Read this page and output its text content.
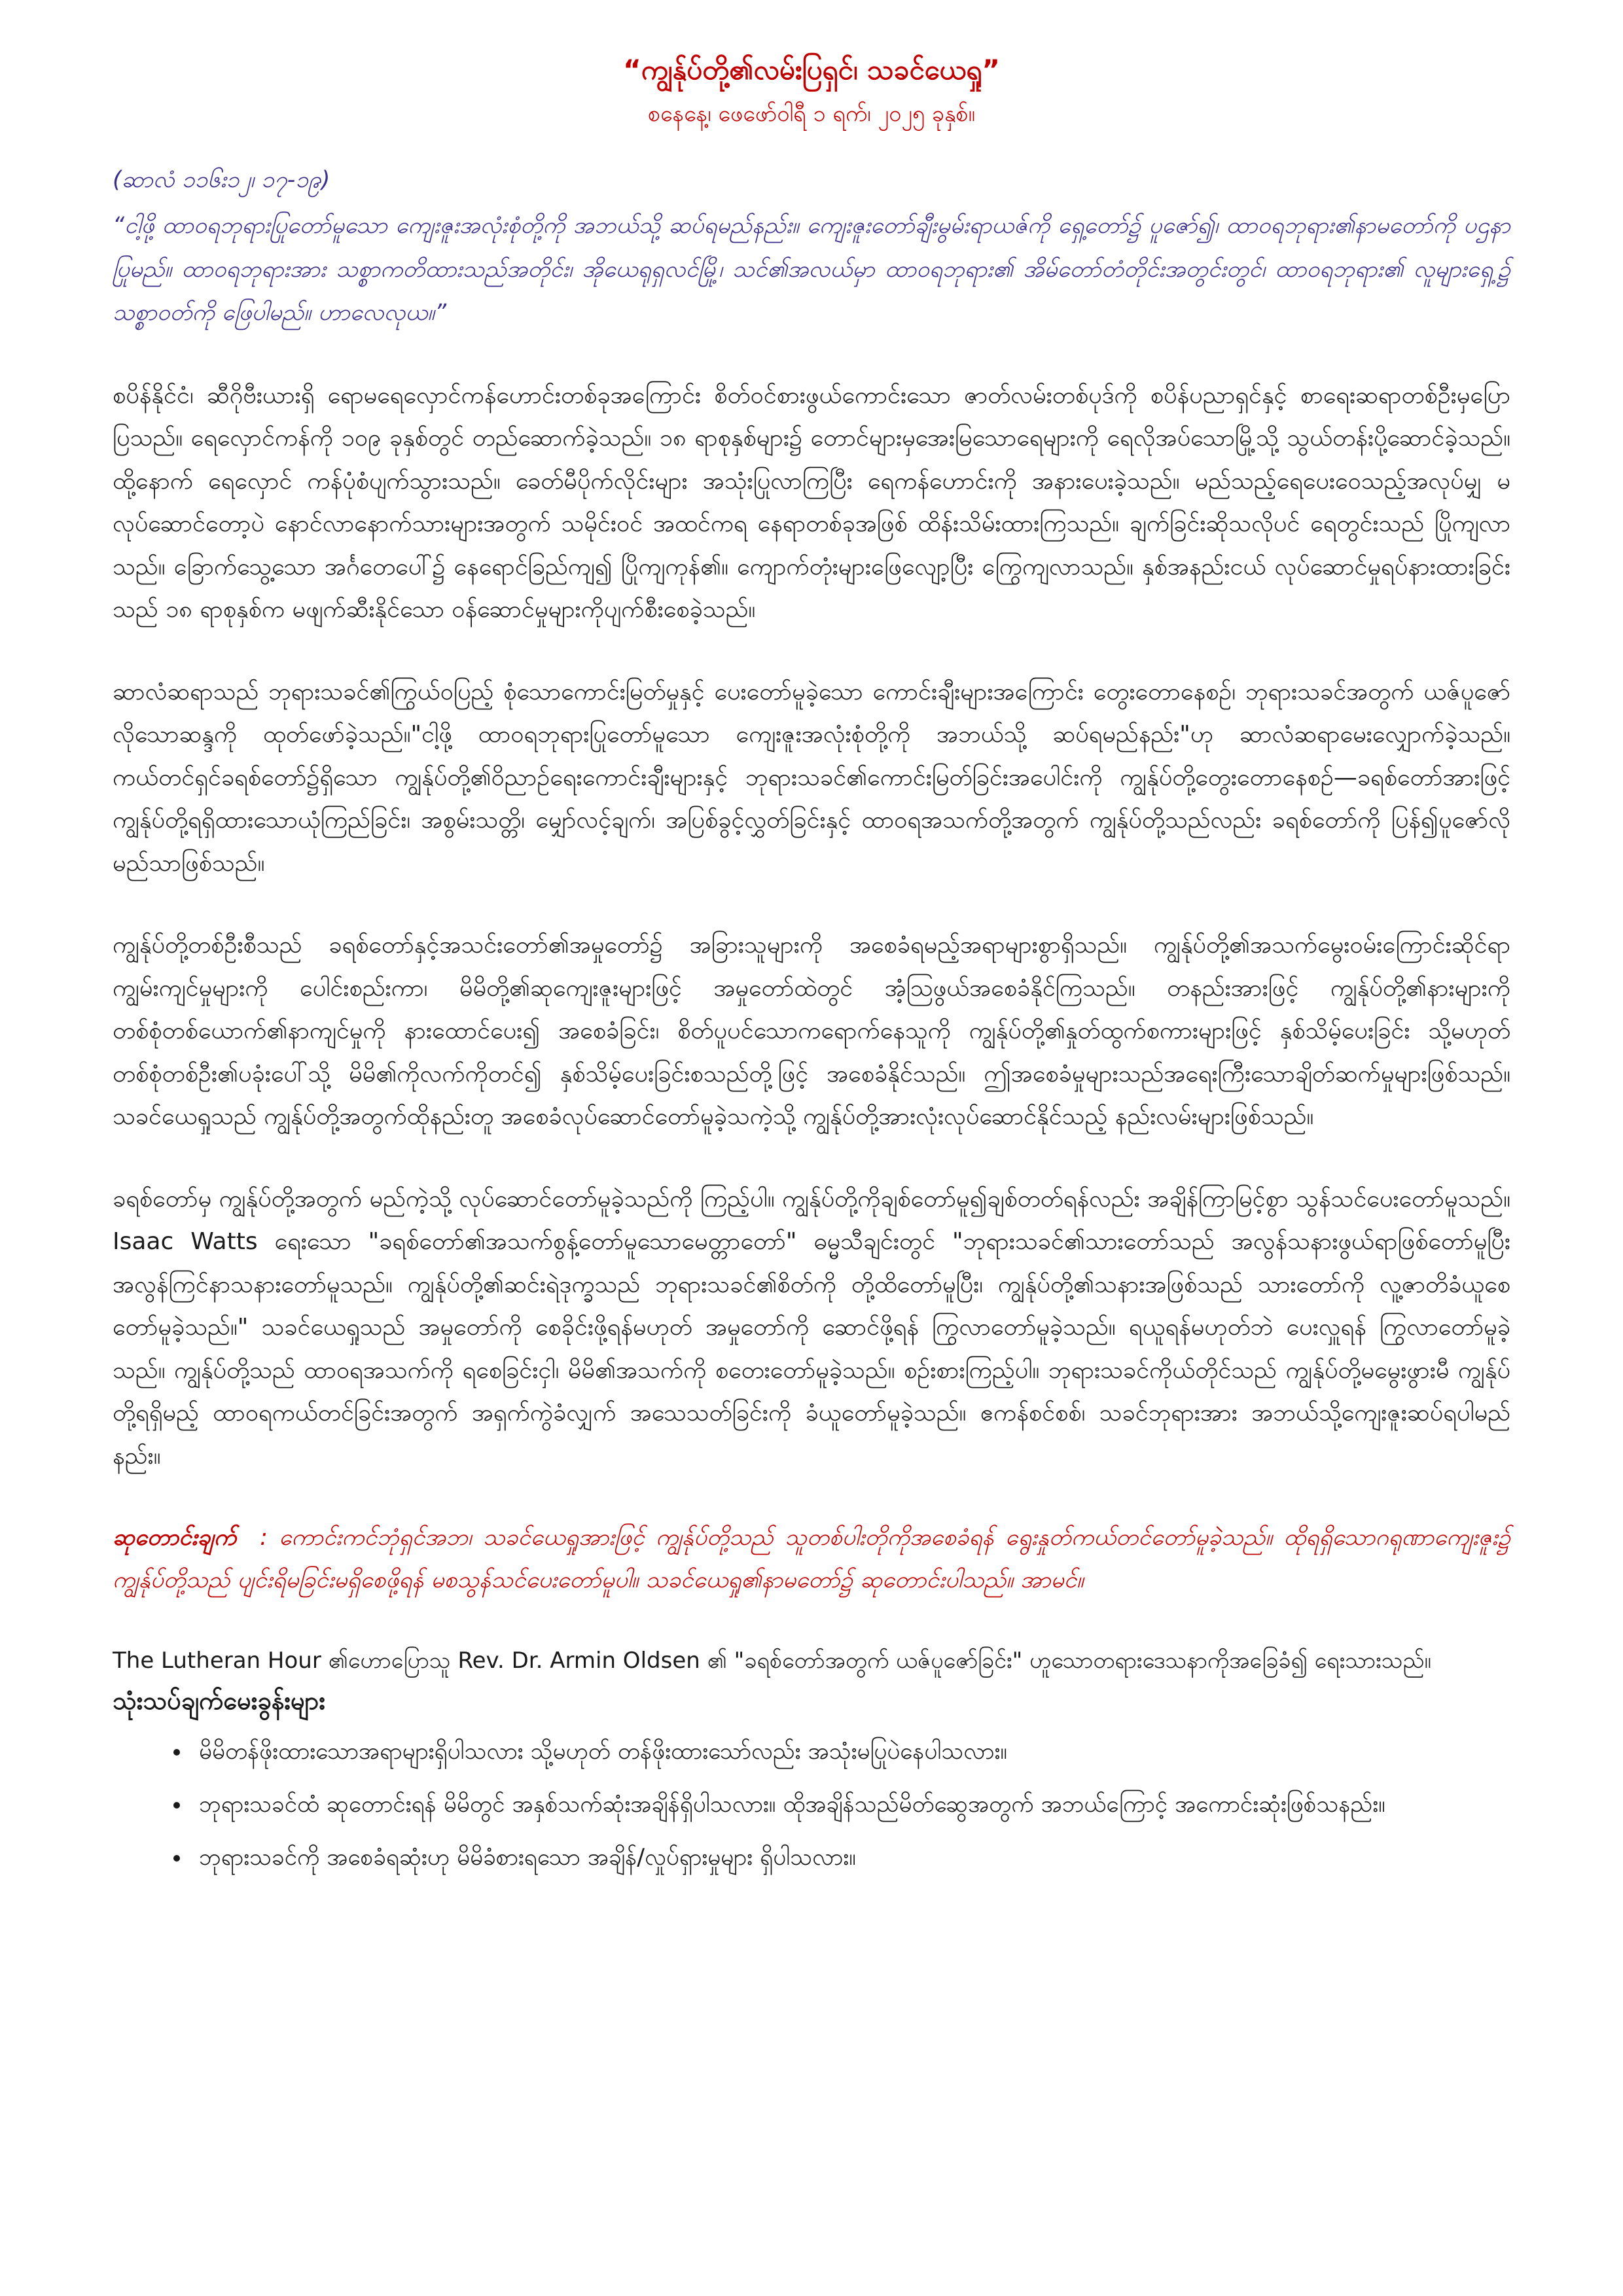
“ကျွန်ုပ်တို့၏လမ်းပြရှင်၊ သခင်ယေရှု”
စနေနေ့၊ ဖေဖော်ဝါရီ ၁ ရက်၊ ၂၀၂၅ ခုနှစ်။

(ဆာလံ ၁၁၆း၁၂၊ ၁၇-၁၉)

“ငါ့ဖို့ ထာဝရဘုရားပြုတော်မူသော ကျေးဇူးအလုံးစုံတို့ကို အဘယ်သို့ ဆပ်ရမည်နည်း။ ကျေးဇူးတော်ချီးမွမ်းရာယဇ်ကို ရှေ့တော်၌ ပူဇော်၍၊ ထာဝရဘုရား၏နာမတော်ကို ပဌနာပြုမည်။ ထာဝရဘုရားအား သစ္စာကတိထားသည်အတိုင်း၊ အိုယေရုရှလင်မြို့၊ သင်၏အလယ်မှာ ထာဝရဘုရား၏ အိမ်တော်တံတိုင်းအတွင်းတွင်၊ ထာဝရဘုရား၏ လူများရှေ့၌ သစ္စာဝတ်ကို ဖြေပါမည်။ ဟာလေလုယ။”

စပိန်နိုင်ငံ၊ ဆီဂိုဗီးယားရှိ ရောမရေလှောင်ကန်ဟောင်းတစ်ခုအကြောင်း စိတ်ဝင်စားဖွယ်ကောင်းသော ဇာတ်လမ်းတစ်ပုဒ်ကို စပိန်ပညာရှင်နှင့် စာရေးဆရာတစ်ဦးမှပြောပြသည်။ ရေလှောင်ကန်ကို ၁၀၉ ခုနှစ်တွင် တည်ဆောက်ခဲ့သည်။ ၁၈ ရာစုနှစ်များ၌ တောင်များမှအေးမြသောရေများကို ရေလိုအပ်သောမြို့သို့ သွယ်တန်းပို့ဆောင်ခဲ့သည်။ ထို့နောက် ရေလှောင် ကန်ပုံစံပျက်သွားသည်။ ခေတ်မီပိုက်လိုင်းများ အသုံးပြုလာကြပြီး ရေကန်ဟောင်းကို အနားပေးခဲ့သည်။ မည်သည့်ရေပေးဝေသည့်အလုပ်မျှ မလုပ်ဆောင်တော့ပဲ နောင်လာနောက်သားများအတွက် သမိုင်းဝင် အထင်ကရ နေရာတစ်ခုအဖြစ် ထိန်းသိမ်းထားကြသည်။ ချက်ခြင်းဆိုသလိုပင် ရေတွင်းသည် ပြိုကျလာသည်။ ခြောက်သွေ့သော အင်္ဂတေပေါ်၌ နေရောင်ခြည်ကျ၍ ပြိုကျကုန်၏။ ကျောက်တုံးများဖြေလျော့ပြီး ကြွေကျလာသည်။ နှစ်အနည်းငယ် လုပ်ဆောင်မှုရပ်နားထားခြင်းသည် ၁၈ ရာစုနှစ်က မဖျက်ဆီးနိုင်သော ဝန်ဆောင်မှုများကိုပျက်စီးစေခဲ့သည်။

ဆာလံဆရာသည် ဘုရားသခင်၏ကြွယ်ဝပြည့် စုံသောကောင်းမြတ်မှုနှင့် ပေးတော်မူခဲ့သော ကောင်းချီးများအကြောင်း တွေးတောနေစဉ်၊ ဘုရားသခင်အတွက် ယဇ်ပူဇော်လိုသောဆန္ဒကို ထုတ်ဖော်ခဲ့သည်။"ငါ့ဖို့ ထာဝရဘုရားပြုတော်မူသော ကျေးဇူးအလုံးစုံတို့ကို အဘယ်သို့ ဆပ်ရမည်နည်း"ဟု ဆာလံဆရာမေးလျှောက်ခဲ့သည်။ ကယ်တင်ရှင်ခရစ်တော်၌ရှိသော ကျွန်ုပ်တို့၏ဝိညာဉ်ရေးကောင်းချီးများနှင့် ဘုရားသခင်၏ကောင်းမြတ်ခြင်းအပေါင်းကို ကျွန်ုပ်တို့တွေးတောနေစဉ်—ခရစ်တော်အားဖြင့် ကျွန်ုပ်တို့ရရှိထားသောယုံကြည်ခြင်း၊ အစွမ်းသတ္တိ၊ မျှော်လင့်ချက်၊ အပြစ်ခွင့်လွှတ်ခြင်းနှင့် ထာဝရအသက်တို့အတွက် ကျွန်ုပ်တို့သည်လည်း ခရစ်တော်ကို ပြန်၍ပူဇော်လိုမည်သာဖြစ်သည်။

ကျွန်ုပ်တို့တစ်ဦးစီသည် ခရစ်တော်နှင့်အသင်းတော်၏အမှုတော်၌ အခြားသူများကို အစေခံရမည့်အရာများစွာရှိသည်။ ကျွန်ုပ်တို့၏အသက်မွေးဝမ်းကြောင်းဆိုင်ရာ ကျွမ်းကျင်မှုများကို ပေါင်းစည်းကာ၊ မိမိတို့၏ဆုကျေးဇူးများဖြင့် အမှုတော်ထဲတွင် အံ့ဩဖွယ်အစေခံနိုင်ကြသည်။ တနည်းအားဖြင့် ကျွန်ုပ်တို့၏နားများကိုတစ်စုံတစ်ယောက်၏နာကျင်မှုကို နားထောင်ပေး၍ အစေခံခြင်း၊ စိတ်ပူပင်သောကရောက်နေသူကို ကျွန်ုပ်တို့၏နှုတ်ထွက်စကားများဖြင့် နှစ်သိမ့်ပေးခြင်း သို့မဟုတ် တစ်စုံတစ်ဦး၏ပခုံးပေါ်သို့ မိမိ၏ကိုလက်ကိုတင်၍ နှစ်သိမ့်ပေးခြင်းစသည်တို့ဖြင့် အစေခံနိုင်သည်။ ဤအစေခံမှုများသည်အရေးကြီးသောချိတ်ဆက်မှုများဖြစ်သည်။ သခင်ယေရှုသည် ကျွန်ုပ်တို့အတွက်ထိုနည်းတူ အစေခံလုပ်ဆောင်တော်မူခဲ့သကဲ့သို့ ကျွန်ုပ်တို့အားလုံးလုပ်ဆောင်နိုင်သည့် နည်းလမ်းများဖြစ်သည်။

ခရစ်တော်မှ ကျွန်ုပ်တို့အတွက် မည်ကဲ့သို့ လုပ်ဆောင်တော်မူခဲ့သည်ကို ကြည့်ပါ။ ကျွန်ုပ်တို့ကိုချစ်တော်မူ၍ချစ်တတ်ရန်လည်း အချိန်ကြာမြင့်စွာ သွန်သင်ပေးတော်မူသည်။ Isaac Watts ရေးသော "ခရစ်တော်၏အသက်စွန့်တော်မူသောမေတ္တာတော်" ဓမ္မသီချင်းတွင် "ဘုရားသခင်၏သားတော်သည် အလွန်သနားဖွယ်ရာဖြစ်တော်မူပြီး အလွန်ကြင်နာသနားတော်မူသည်။ ကျွန်ုပ်တို့၏ဆင်းရဲဒုက္ခသည် ဘုရားသခင်၏စိတ်ကို တို့ထိတော်မူပြီး၊ ကျွန်ုပ်တို့၏သနားအဖြစ်သည် သားတော်ကို လူ့ဇာတိခံယူစေတော်မူခဲ့သည်။" သခင်ယေရှုသည် အမှုတော်ကို စေခိုင်းဖို့ရန်မဟုတ် အမှုတော်ကို ဆောင်ဖို့ရန် ကြွလာတော်မူခဲ့သည်။ ရယူရန်မဟုတ်ဘဲ ပေးလှူရန် ကြွလာတော်မူခဲ့သည်။ ကျွန်ုပ်တို့သည် ထာဝရအသက်ကို ရစေခြင်းငှါ၊ မိမိ၏အသက်ကို စတေးတော်မူခဲ့သည်။ စဉ်းစားကြည့်ပါ။ ဘုရားသခင်ကိုယ်တိုင်သည် ကျွန်ုပ်တို့မမွေးဖွားမီ ကျွန်ုပ်တို့ရရှိမည့် ထာဝရကယ်တင်ခြင်းအတွက် အရှက်ကွဲခံလျှက် အသေသတ်ခြင်းကို ခံယူတော်မူခဲ့သည်။ ဧကန်စင်စစ်၊ သခင်ဘုရားအား အဘယ်သို့ကျေးဇူးဆပ်ရပါမည်နည်း။

ဆုတောင်းချက် : ကောင်းကင်ဘုံရှင်အဘ၊ သခင်ယေရှုအားဖြင့် ကျွန်ုပ်တို့သည် သူတစ်ပါးတိုကိုအစေခံရန် ရွေးနှုတ်ကယ်တင်တော်မူခဲ့သည်။ ထိုရရှိသောဂရုဏာကျေးဇူး၌ ကျွန်ုပ်တို့သည် ပျင်းရိမခြင်းမရှိစေဖို့ရန် မစသွန်သင်ပေးတော်မူပါ။ သခင်ယေရှု၏နာမတော်၌ ဆုတောင်းပါသည်။ အာမင်။

The Lutheran Hour ၏ဟောပြောသူ Rev. Dr. Armin Oldsen ၏ "ခရစ်တော်အတွက် ယဇ်ပူဇော်ခြင်း" ဟူသောတရားဒေသနာကိုအခြေခံ၍ ရေးသားသည်။

သုံးသပ်ချက်မေးခွန်းများ
• မိမိတန်ဖိုးထားသောအရာများရှိပါသလား သို့မဟုတ် တန်ဖိုးထားသော်လည်း အသုံးမပြုပဲနေပါသလား။
• ဘုရားသခင်ထံ ဆုတောင်းရန် မိမိတွင် အနှစ်သက်ဆုံးအချိန်ရှိပါသလား။ ထိုအချိန်သည်မိတ်ဆွေအတွက် အဘယ်ကြောင့် အကောင်းဆုံးဖြစ်သနည်း။
• ဘုရားသခင်ကို အစေခံရဆုံးဟု မိမိခံစားရသော အချိန်/လှုပ်ရှားမှုများ ရှိပါသလား။
